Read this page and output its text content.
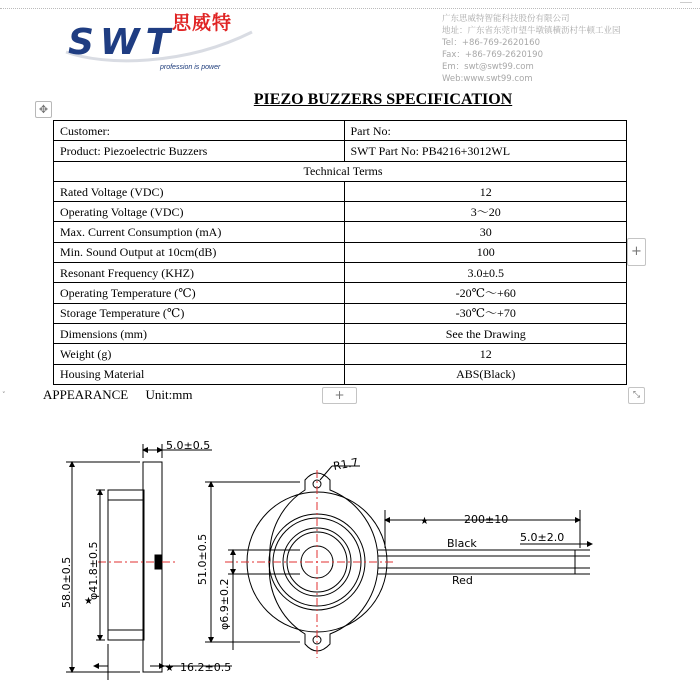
思威特
SWT
profession is power
广东思威特智能科技股份有限公司
地址：广东省东莞市望牛墩镇横沥村牛顿工业园
Tel：+86-769-2620160
Fax：+86-769-2620190
Em：swt@swt99.com
Web:www.swt99.com
✥
PIEZO BUZZERS SPECIFICATION
Customer:	Part No:
Product: Piezoelectric Buzzers	SWT Part No: PB4216+3012WL
Technical Terms	
Rated Voltage (VDC)	12
Operating Voltage (VDC)	3～20
Max. Current Consumption (mA)	30
Min. Sound Output at 10cm(dB)	100
Resonant Frequency (KHZ)	3.0±0.5
Operating Temperature (℃)	-20℃～+60
Storage Temperature (℃)	-30℃～+70
Dimensions (mm)	See the Drawing
Weight (g)	12
Housing Material	ABS(Black)
+
+	⤡
˅	APPEARANCE Unit:mm
5.0±0.5
58.0±0.5 φ41.8±0.5
★
★ 16.2±0.5
R1.7
51.0±0.5
φ6.9±0.2
★	200±10
5.0±2.0
Black
Red
